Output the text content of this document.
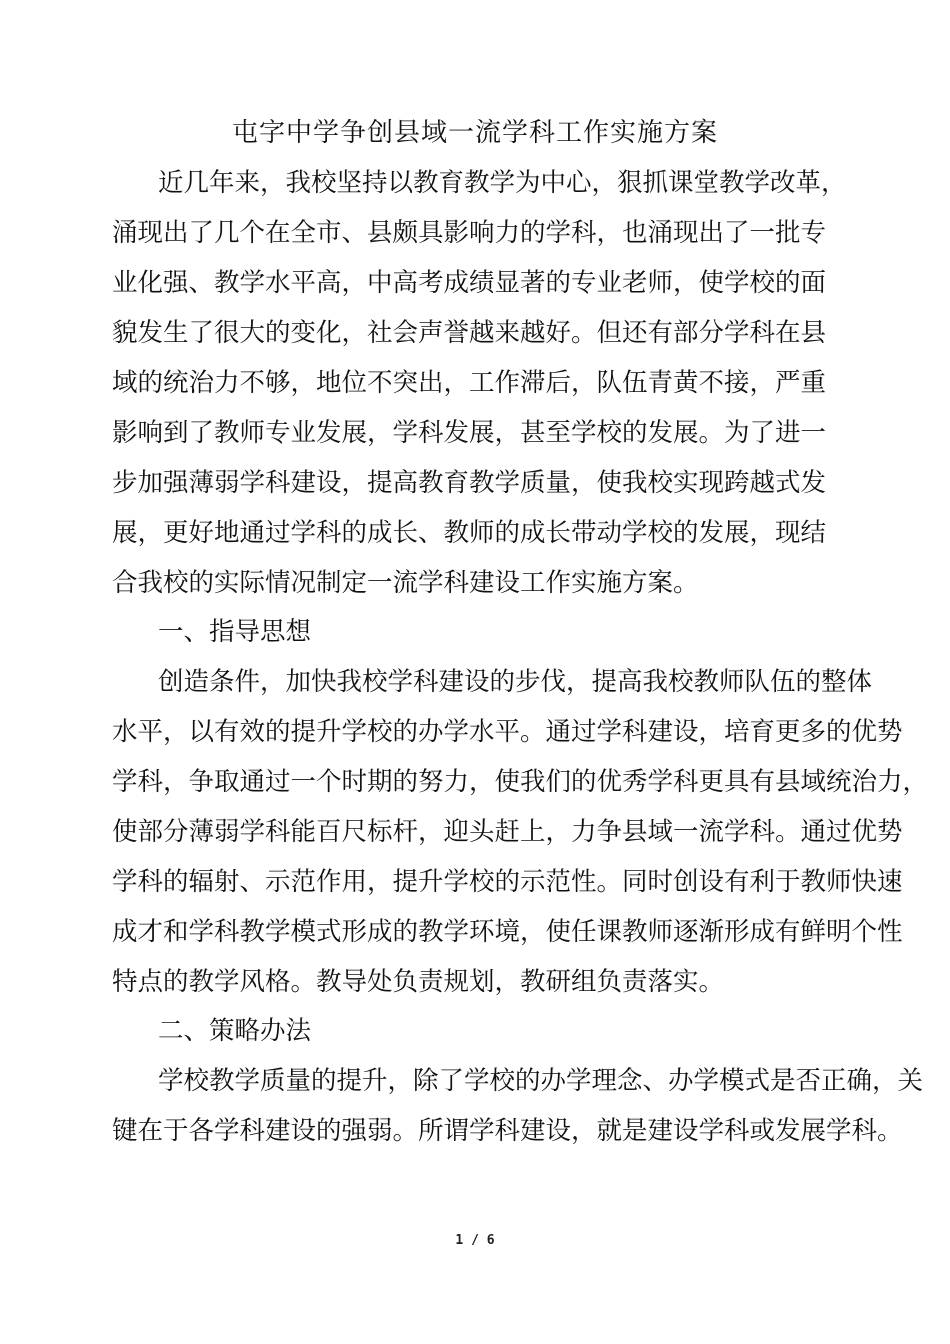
屯字中学争创县域一流学科工作实施方案
近几年来，我校坚持以教育教学为中心，狠抓课堂教学改革，
涌现出了几个在全市、县颇具影响力的学科，也涌现出了一批专
业化强、教学水平高，中高考成绩显著的专业老师，使学校的面
貌发生了很大的变化，社会声誉越来越好。但还有部分学科在县
域的统治力不够，地位不突出，工作滞后，队伍青黄不接，严重
影响到了教师专业发展，学科发展，甚至学校的发展。为了进一
步加强薄弱学科建设，提高教育教学质量，使我校实现跨越式发
展，更好地通过学科的成长、教师的成长带动学校的发展，现结
合我校的实际情况制定一流学科建设工作实施方案。
一、指导思想
创造条件，加快我校学科建设的步伐，提高我校教师队伍的整体
水平，以有效的提升学校的办学水平。通过学科建设，培育更多的优势
学科，争取通过一个时期的努力，使我们的优秀学科更具有县域统治力，
使部分薄弱学科能百尺标杆，迎头赶上，力争县域一流学科。通过优势
学科的辐射、示范作用，提升学校的示范性。同时创设有利于教师快速
成才和学科教学模式形成的教学环境，使任课教师逐渐形成有鲜明个性
特点的教学风格。教导处负责规划，教研组负责落实。
二、策略办法
学校教学质量的提升，除了学校的办学理念、办学模式是否正确，关
键在于各学科建设的强弱。所谓学科建设，就是建设学科或发展学科。
1 / 6
